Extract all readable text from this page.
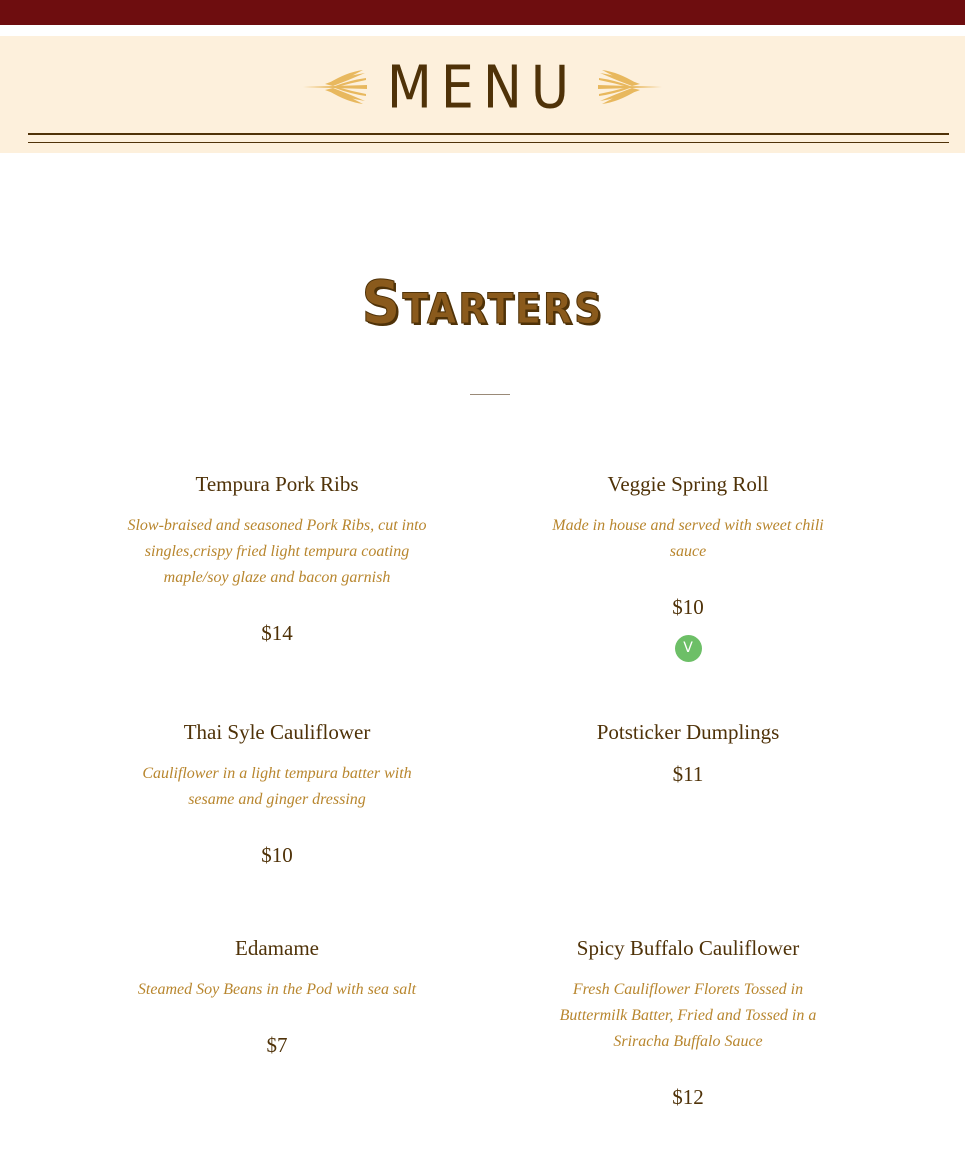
MENU
Starters

Tempura Pork Ribs

Slow-braised and seasoned Pork Ribs, cut into singles,crispy fried light tempura coating maple/soy glaze and bacon garnish

$14

Veggie Spring Roll

Made in house and served with sweet chili sauce

$10

V

Thai Syle Cauliflower

Cauliflower in a light tempura batter with sesame and ginger dressing

$10

Potsticker Dumplings

$11

Edamame

Steamed Soy Beans in the Pod with sea salt

$7

Spicy Buffalo Cauliflower

Fresh Cauliflower Florets Tossed in Buttermilk Batter, Fried and Tossed in a Sriracha Buffalo Sauce

$12
